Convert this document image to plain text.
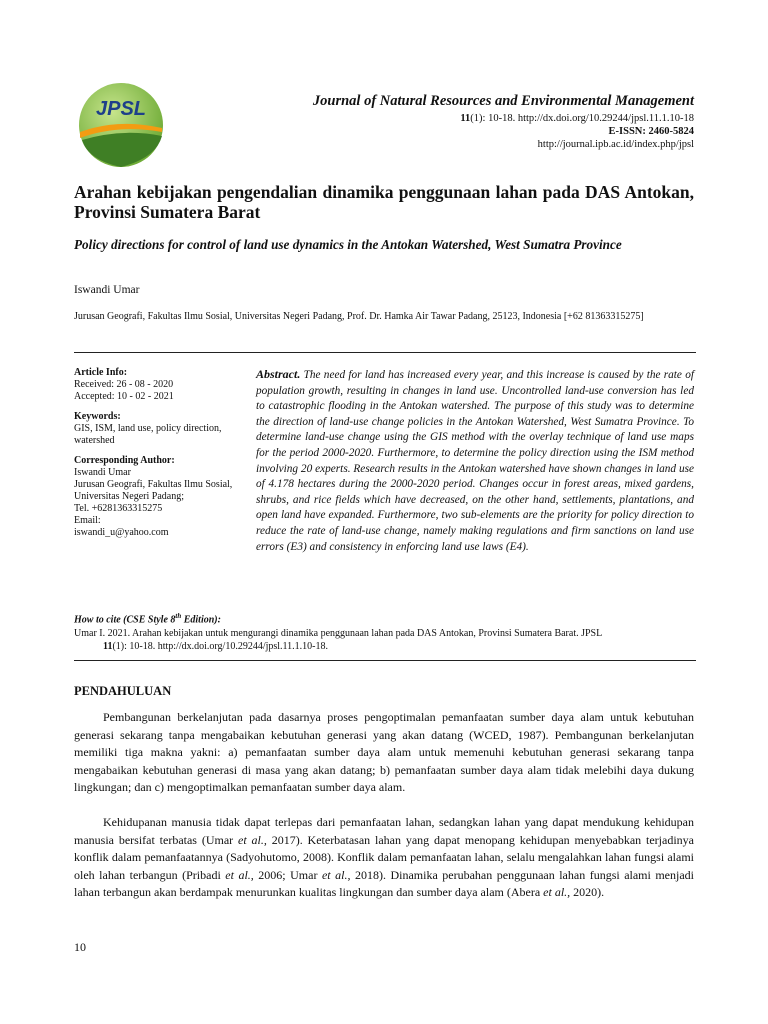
JPSL	Journal of Natural Resources and Environmental Management
11(1): 10-18. http://dx.doi.org/10.29244/jpsl.11.1.10-18
E-ISSN: 2460-5824
http://journal.ipb.ac.id/index.php/jpsl
Arahan kebijakan pengendalian dinamika penggunaan lahan pada DAS Antokan, Provinsi Sumatera Barat
Policy directions for control of land use dynamics in the Antokan Watershed, West Sumatra Province
Iswandi Umar
Jurusan Geografi, Fakultas Ilmu Sosial, Universitas Negeri Padang, Prof. Dr. Hamka Air Tawar Padang, 25123, Indonesia [+62 81363315275]
Article Info:
Received: 26 - 08 - 2020
Accepted: 10 - 02 - 2021
Keywords:
GIS, ISM, land use, policy direction, watershed
Corresponding Author:
Iswandi Umar
Jurusan Geografi, Fakultas Ilmu Sosial, Universitas Negeri Padang;
Tel. +6281363315275
Email:
iswandi_u@yahoo.com
Abstract. The need for land has increased every year, and this increase is caused by the rate of population growth, resulting in changes in land use. Uncontrolled land-use conversion has led to catastrophic flooding in the Antokan watershed. The purpose of this study was to determine the direction of land-use change policies in the Antokan Watershed, West Sumatra Province. To determine land-use change using the GIS method with the overlay technique of land use maps for the period 2000-2020. Furthermore, to determine the policy direction using the ISM method involving 20 experts. Research results in the Antokan watershed have shown changes in land use of 4.178 hectares during the 2000-2020 period. Changes occur in forest areas, mixed gardens, shrubs, and rice fields which have decreased, on the other hand, settlements, plantations, and open land have expanded. Furthermore, two sub-elements are the priority for policy direction to reduce the rate of land-use change, namely making regulations and firm sanctions on land use errors (E3) and consistency in enforcing land use laws (E4).
How to cite (CSE Style 8th Edition):
Umar I. 2021. Arahan kebijakan untuk mengurangi dinamika penggunaan lahan pada DAS Antokan, Provinsi Sumatera Barat. JPSL
11(1): 10-18. http://dx.doi.org/10.29244/jpsl.11.1.10-18.
PENDAHULUAN
Pembangunan berkelanjutan pada dasarnya proses pengoptimalan pemanfaatan sumber daya alam untuk kebutuhan generasi sekarang tanpa mengabaikan kebutuhan generasi yang akan datang (WCED, 1987). Pembangunan berkelanjutan memiliki tiga makna yakni: a) pemanfaatan sumber daya alam untuk memenuhi kebutuhan generasi sekarang tanpa mengabaikan kebutuhan generasi di masa yang akan datang; b) pemanfaatan sumber daya alam tidak melebihi daya dukung lingkungan; dan c) mengoptimalkan pemanfaatan sumber daya alam.
Kehidupanan manusia tidak dapat terlepas dari pemanfaatan lahan, sedangkan lahan yang dapat mendukung kehidupan manusia bersifat terbatas (Umar et al., 2017). Keterbatasan lahan yang dapat menopang kehidupan menyebabkan terjadinya konflik dalam pemanfaatannya (Sadyohutomo, 2008). Konflik dalam pemanfaatan lahan, selalu mengalahkan lahan fungsi alami oleh lahan terbangun (Pribadi et al., 2006; Umar et al., 2018). Dinamika perubahan penggunaan lahan fungsi alami menjadi lahan terbangun akan berdampak menurunkan kualitas lingkungan dan sumber daya alam (Abera et al., 2020).
10
